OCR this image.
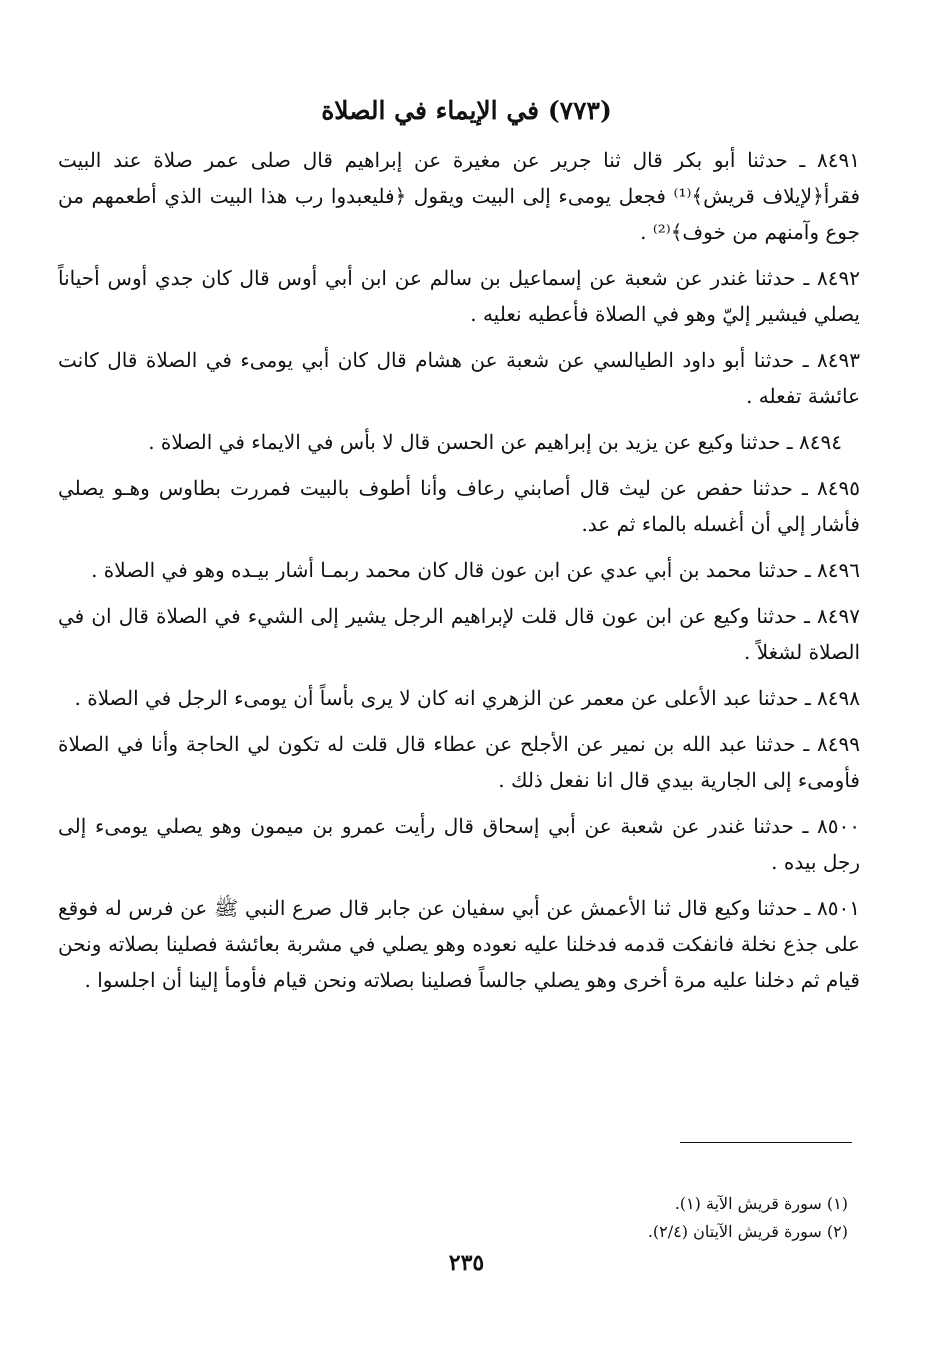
(٧٧٣) في الإيماء في الصلاة

٨٤٩١ ـ حدثنا أبو بكر قال ثنا جرير عن مغيرة عن إبراهيم قال صلى عمر صلاة عند البيت فقرأ﴿لإيلاف قريش﴾⁽¹⁾ فجعل يومىء إلى البيت ويقول ﴿فليعبدوا رب هذا البيت الذي أطعمهم من جوع وآمنهم من خوف﴾⁽²⁾ .

٨٤٩٢ ـ حدثنا غندر عن شعبة عن إسماعيل بن سالم عن ابن أبي أوس قال كان جدي أوس أحياناً يصلي فيشير إليّ وهو في الصلاة فأعطيه نعليه .

٨٤٩٣ ـ حدثنا أبو داود الطيالسي عن شعبة عن هشام قال كان أبي يومىء في الصلاة قال كانت عائشة تفعله .

٨٤٩٤ ـ حدثنا وكيع عن يزيد بن إبراهيم عن الحسن قال لا بأس في الايماء في الصلاة .

٨٤٩٥ ـ حدثنا حفص عن ليث قال أصابني رعاف وأنا أطوف بالبيت فمررت بطاوس وهـو يصلي فأشار إلي أن أغسله بالماء ثم عد.

٨٤٩٦ ـ حدثنا محمد بن أبي عدي عن ابن عون قال كان محمد ربمـا أشار بيـده وهو في الصلاة .

٨٤٩٧ ـ حدثنا وكيع عن ابن عون قال قلت لإبراهيم الرجل يشير إلى الشيء في الصلاة قال ان في الصلاة لشغلاً .

٨٤٩٨ ـ حدثنا عبد الأعلى عن معمر عن الزهري انه كان لا يرى بأساً أن يومىء الرجل في الصلاة .

٨٤٩٩ ـ حدثنا عبد الله بن نمير عن الأجلح عن عطاء قال قلت له تكون لي الحاجة وأنا في الصلاة فأومىء إلى الجارية بيدي قال انا نفعل ذلك .

٨٥٠٠ ـ حدثنا غندر عن شعبة عن أبي إسحاق قال رأيت عمرو بن ميمون وهو يصلي يومىء إلى رجل بيده .

٨٥٠١ ـ حدثنا وكيع قال ثنا الأعمش عن أبي سفيان عن جابر قال صرع النبي ﷺ عن فرس له فوقع على جذع نخلة فانفكت قدمه فدخلنا عليه نعوده وهو يصلي في مشربة بعائشة فصلينا بصلاته ونحن قيام ثم دخلنا عليه مرة أخرى وهو يصلي جالساً فصلينا بصلاته ونحن قيام فأومأ إلينا أن اجلسوا .

(١) سورة قريش الآية (١).

(٢) سورة قريش الآيتان (٢/٤).

٢٣٥
